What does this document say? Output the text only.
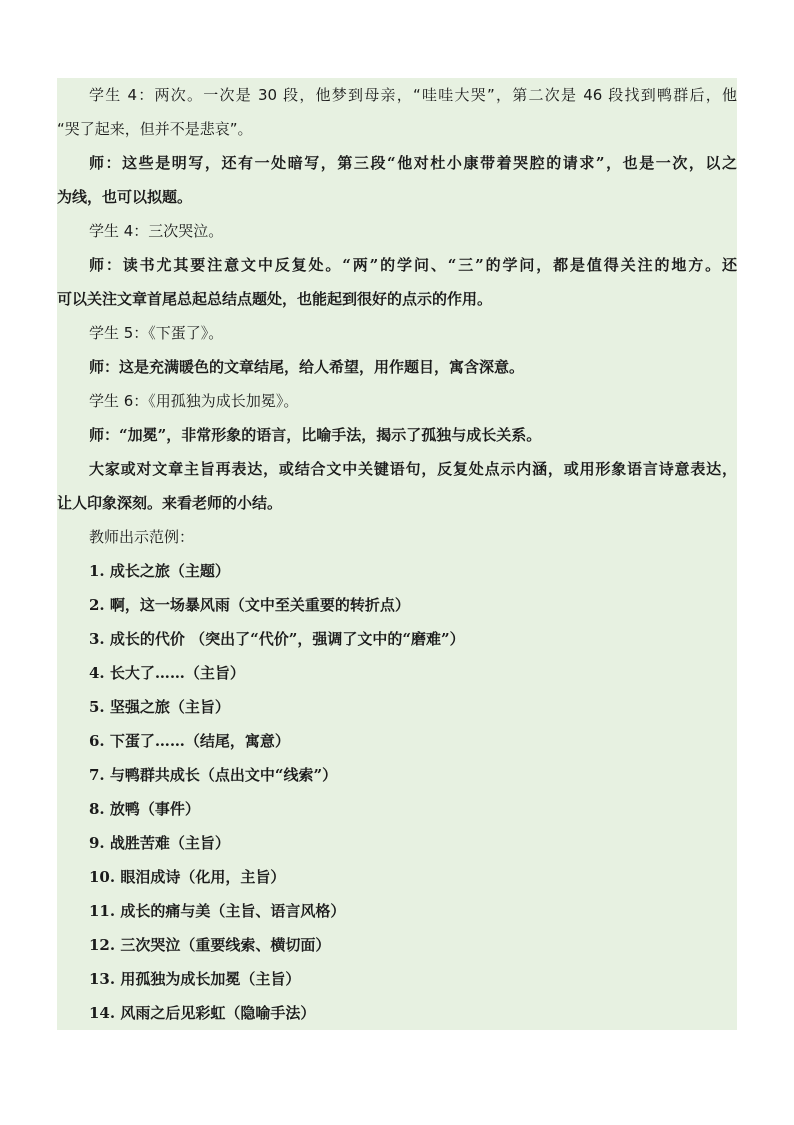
学生 4：两次。一次是 30 段，他梦到母亲，“哇哇大哭”，第二次是 46 段找到鸭群后，他
“哭了起来，但并不是悲哀”。
师：这些是明写，还有一处暗写，第三段“他对杜小康带着哭腔的请求”，也是一次，以之
为线，也可以拟题。
学生 4：三次哭泣。
师：读书尤其要注意文中反复处。“两”的学问、“三”的学问，都是值得关注的地方。还
可以关注文章首尾总起总结点题处，也能起到很好的点示的作用。
学生 5：《下蛋了》。
师：这是充满暖色的文章结尾，给人希望，用作题目，寓含深意。
学生 6：《用孤独为成长加冕》。
师：“加冕”，非常形象的语言，比喻手法，揭示了孤独与成长关系。
大家或对文章主旨再表达，或结合文中关键语句，反复处点示内涵，或用形象语言诗意表达，
让人印象深刻。来看老师的小结。
教师出示范例：
1. 成长之旅（主题）
2. 啊，这一场暴风雨（文中至关重要的转折点）
3. 成长的代价 （突出了“代价”，强调了文中的“磨难”）
4. 长大了……（主旨）
5. 坚强之旅（主旨）
6. 下蛋了……（结尾，寓意）
7. 与鸭群共成长（点出文中“线索”）
8. 放鸭（事件）
9. 战胜苦难（主旨）
10. 眼泪成诗（化用，主旨）
11. 成长的痛与美（主旨、语言风格）
12. 三次哭泣（重要线索、横切面）
13. 用孤独为成长加冕（主旨）
14. 风雨之后见彩虹（隐喻手法）
